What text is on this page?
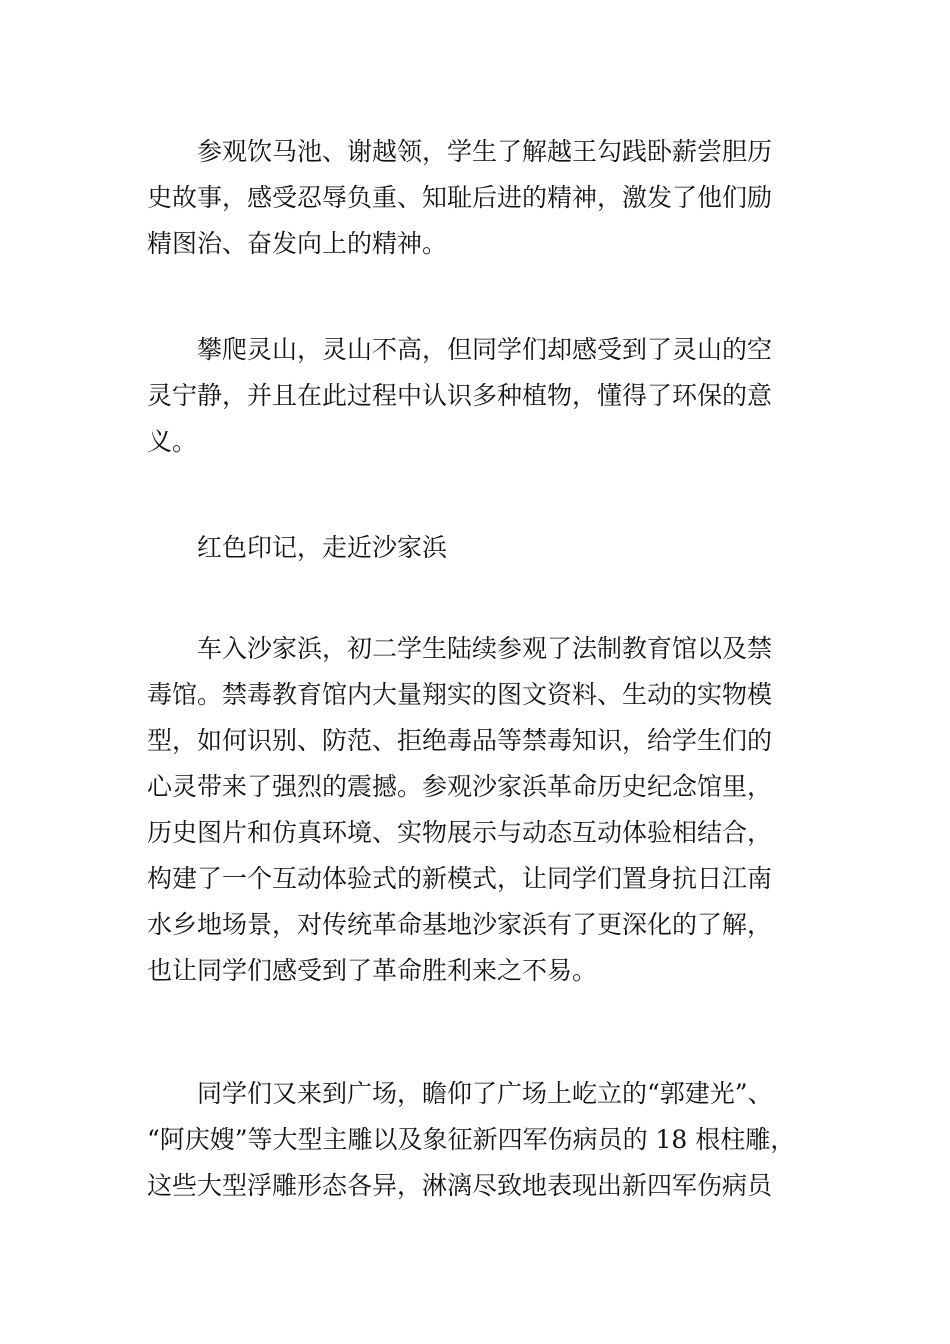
参观饮马池、谢越领，学生了解越王勾践卧薪尝胆历
史故事，感受忍辱负重、知耻后进的精神，激发了他们励
精图治、奋发向上的精神。
攀爬灵山，灵山不高，但同学们却感受到了灵山的空
灵宁静，并且在此过程中认识多种植物，懂得了环保的意
义。
红色印记，走近沙家浜
车入沙家浜，初二学生陆续参观了法制教育馆以及禁
毒馆。禁毒教育馆内大量翔实的图文资料、生动的实物模
型，如何识别、防范、拒绝毒品等禁毒知识，给学生们的
心灵带来了强烈的震撼。参观沙家浜革命历史纪念馆里，
历史图片和仿真环境、实物展示与动态互动体验相结合，
构建了一个互动体验式的新模式，让同学们置身抗日江南
水乡地场景，对传统革命基地沙家浜有了更深化的了解，
也让同学们感受到了革命胜利来之不易。
同学们又来到广场，瞻仰了广场上屹立的“郭建光”、
“阿庆嫂”等大型主雕以及象征新四军伤病员的 18 根柱雕，
这些大型浮雕形态各异，淋漓尽致地表现出新四军伤病员
